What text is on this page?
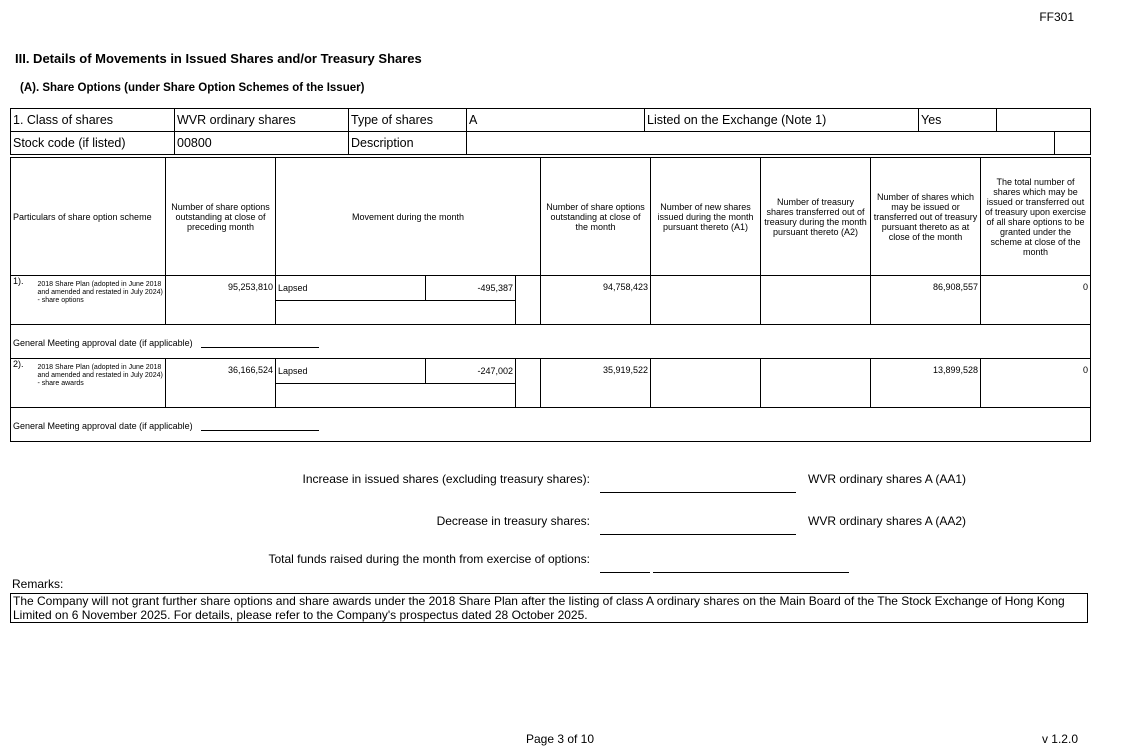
FF301
III. Details of Movements in Issued Shares and/or Treasury Shares
(A). Share Options (under Share Option Schemes of the Issuer)
1. Class of shares	WVR ordinary shares	Type of shares	A	Listed on the Exchange (Note 1)	Yes		
Stock code (if listed)	00800	Description					
Particulars of share option scheme		Number of share options outstanding at close of preceding month	Movement during the month			Number of share options outstanding at close of the month	Number of new shares issued during the month pursuant thereto (A1)	Number of treasury shares transferred out of treasury during the month pursuant thereto (A2)	Number of shares which may be issued or transferred out of treasury pursuant thereto as at close of the month	The total number of shares which may be issued or transferred out of treasury upon exercise of all share options to be granted under the scheme at close of the month
1).	2018 Share Plan (adopted in June 2018 and amended and restated in July 2024) - share options	95,253,810	Lapsed	-495,387		94,758,423			86,908,557	0

General Meeting approval date (if applicable)										
2).	2018 Share Plan (adopted in June 2018 and amended and restated in July 2024) - share awards	36,166,524	Lapsed	-247,002		35,919,522			13,899,528	0

General Meeting approval date (if applicable)										
Increase in issued shares (excluding treasury shares):	WVR ordinary shares A (AA1)
Decrease in treasury shares:	WVR ordinary shares A (AA2)
Total funds raised during the month from exercise of options:
Remarks:
The Company will not grant further share options and share awards under the 2018 Share Plan after the listing of class A ordinary shares on the Main Board of the The Stock Exchange of Hong Kong Limited on 6 November 2025. For details, please refer to the Company's prospectus dated 28 October 2025.
Page 3 of 10	v 1.2.0
